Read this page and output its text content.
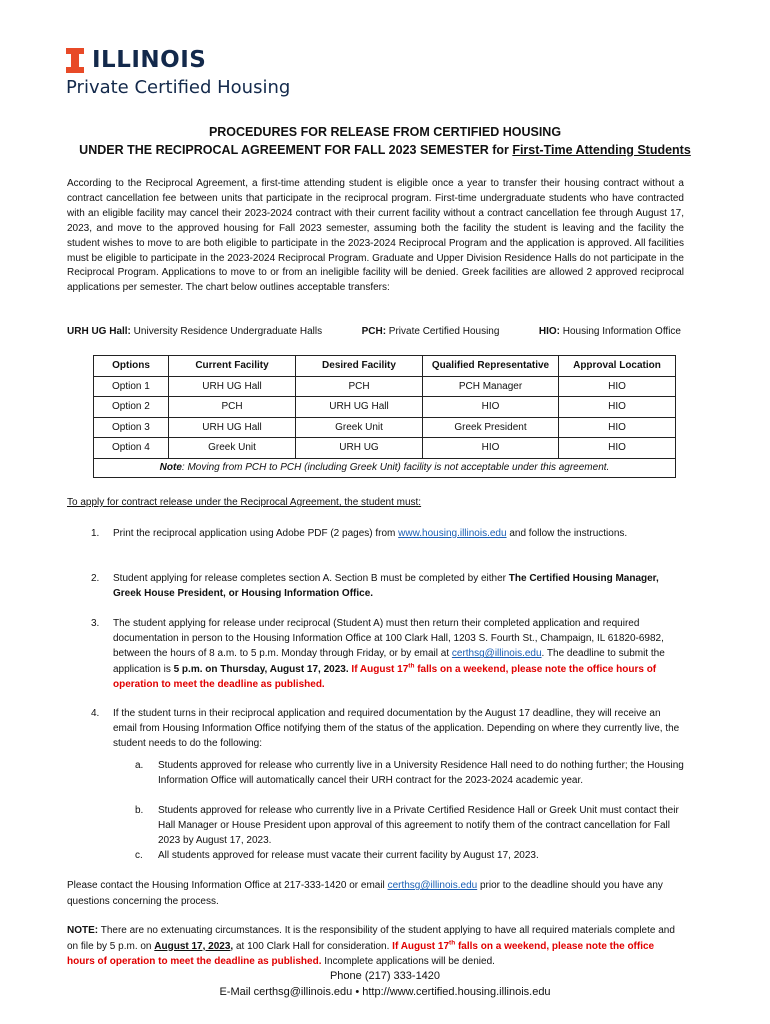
ILLINOIS
Private Certified Housing
PROCEDURES FOR RELEASE FROM CERTIFIED HOUSING
UNDER THE RECIPROCAL AGREEMENT FOR FALL 2023 SEMESTER for First-Time Attending Students
According to the Reciprocal Agreement, a first-time attending student is eligible once a year to transfer their housing contract without a contract cancellation fee between units that participate in the reciprocal program. First-time undergraduate students who have contracted with an eligible facility may cancel their 2023-2024 contract with their current facility without a contract cancellation fee through August 17, 2023, and move to the approved housing for Fall 2023 semester, assuming both the facility the student is leaving and the facility the student wishes to move to are both eligible to participate in the 2023-2024 Reciprocal Program and the application is approved. All facilities must be eligible to participate in the 2023-2024 Reciprocal Program. Graduate and Upper Division Residence Halls do not participate in the Reciprocal Program. Applications to move to or from an ineligible facility will be denied. Greek facilities are allowed 2 approved reciprocal applications per semester. The chart below outlines acceptable transfers:
URH UG Hall: University Residence Undergraduate Halls	PCH: Private Certified Housing	HIO: Housing Information Office
Options	Current Facility	Desired Facility	Qualified Representative	Approval Location
Option 1	URH UG Hall	PCH	PCH Manager	HIO
Option 2	PCH	URH UG Hall	HIO	HIO
Option 3	URH UG Hall	Greek Unit	Greek President	HIO
Option 4	Greek Unit	URH UG	HIO	HIO
Note: Moving from PCH to PCH (including Greek Unit) facility is not acceptable under this agreement.				
To apply for contract release under the Reciprocal Agreement, the student must:
1. Print the reciprocal application using Adobe PDF (2 pages) from www.housing.illinois.edu and follow the instructions.
2. Student applying for release completes section A. Section B must be completed by either The Certified Housing Manager, Greek House President, or Housing Information Office.
3. The student applying for release under reciprocal (Student A) must then return their completed application and required documentation in person to the Housing Information Office at 100 Clark Hall, 1203 S. Fourth St., Champaign, IL 61820-6982, between the hours of 8 a.m. to 5 p.m. Monday through Friday, or by email at certhsg@illinois.edu. The deadline to submit the application is 5 p.m. on Thursday, August 17, 2023. If August 17th falls on a weekend, please note the office hours of operation to meet the deadline as published.
4. If the student turns in their reciprocal application and required documentation by the August 17 deadline, they will receive an email from Housing Information Office notifying them of the status of the application. Depending on where they currently live, the student needs to do the following:
a. Students approved for release who currently live in a University Residence Hall need to do nothing further; the Housing Information Office will automatically cancel their URH contract for the 2023-2024 academic year.
b. Students approved for release who currently live in a Private Certified Residence Hall or Greek Unit must contact their Hall Manager or House President upon approval of this agreement to notify them of the contract cancellation for Fall 2023 by August 17, 2023.
c. All students approved for release must vacate their current facility by August 17, 2023.
Please contact the Housing Information Office at 217-333-1420 or email certhsg@illinois.edu prior to the deadline should you have any questions concerning the process.
NOTE: There are no extenuating circumstances. It is the responsibility of the student applying to have all required materials complete and on file by 5 p.m. on August 17, 2023, at 100 Clark Hall for consideration. If August 17th falls on a weekend, please note the office hours of operation to meet the deadline as published. Incomplete applications will be denied.
Phone (217) 333-1420
E-Mail certhsg@illinois.edu • http://www.certified.housing.illinois.edu
